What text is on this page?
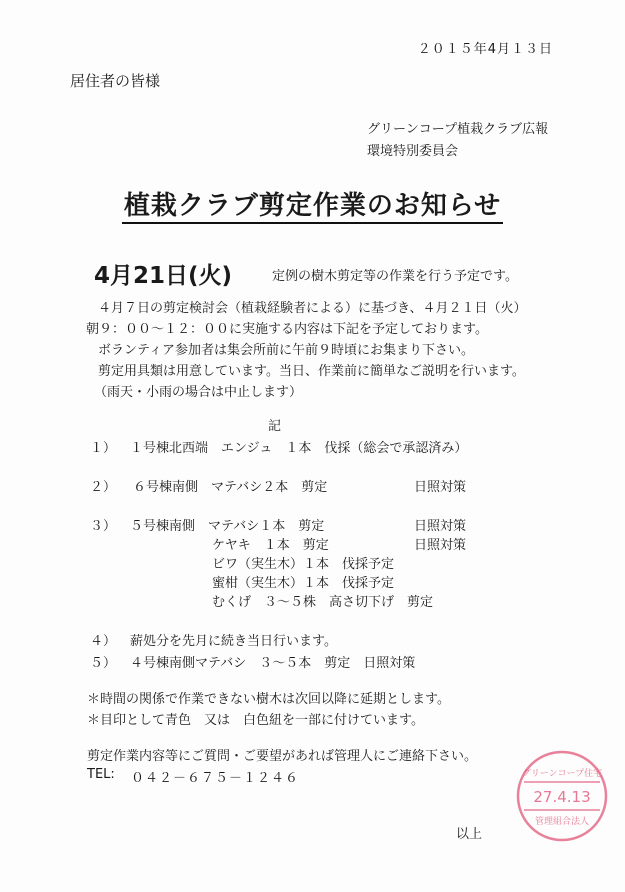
２０１５年4月１３日
居住者の皆様
グリーンコープ植栽クラブ広報
環境特別委員会
植栽クラブ剪定作業のお知らせ
4月21日(火)	定例の樹木剪定等の作業を行う予定です。
４月７日の剪定検討会（植栽経験者による）に基づき、４月２１日（火）
朝９：００～１２：００に実施する内容は下記を予定しております。
ボランティア参加者は集会所前に午前９時頃にお集まり下さい。
剪定用具類は用意しています。当日、作業前に簡単なご説明を行います。
（雨天・小雨の場合は中止します）
記
１） １号棟北西端　エンジュ　１本　伐採（総会で承認済み）
２） ６号棟南側　マテバシ２本　剪定	日照対策
３） ５号棟南側　マテバシ１本　剪定	日照対策
ケヤキ　１本　剪定	日照対策
ビワ（実生木）１本　伐採予定
蜜柑（実生木）１本　伐採予定
むくげ　３～５株　高さ切下げ　剪定
４） 薪処分を先月に続き当日行います。
５） ４号棟南側マテバシ　３～５本　剪定　日照対策
＊時間の関係で作業できない樹木は次回以降に延期とします。
＊目印として青色　又は　白色紐を一部に付けています。
剪定作業内容等にご質問・ご要望があれば管理人にご連絡下さい。
TEL: ０４２－６７５－１２４６
以上
グリーンコープ住宅
27.4.13
管理組合法人
